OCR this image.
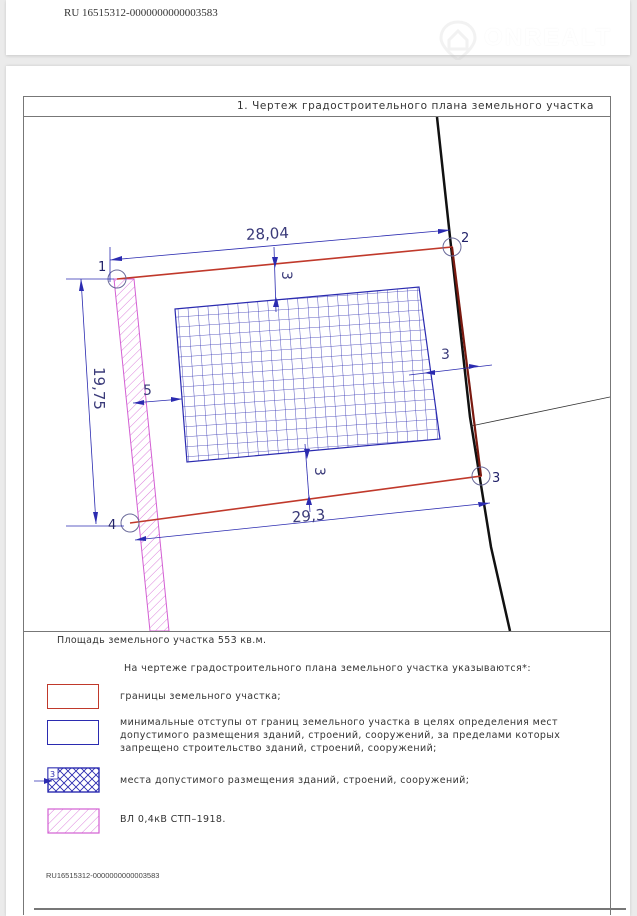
RU 16515312-0000000000003583
ONREALT
1. Чертеж градостроительного плана земельного участка
28,04
29,3
19,75
3
3
5
3
1
2
3
4
Площадь земельного участка 553 кв.м.
На чертеже градостроительного плана земельного участка указываются*:
границы земельного участка;
минимальные отступы от границ земельного участка в целях определения мест
допустимого размещения зданий, строений, сооружений, за пределами которых
запрещено строительство зданий, строений, сооружений;
3
места допустимого размещения зданий, строений, сооружений;
ВЛ 0,4кВ СТП–1918.
RU16515312-0000000000003583
